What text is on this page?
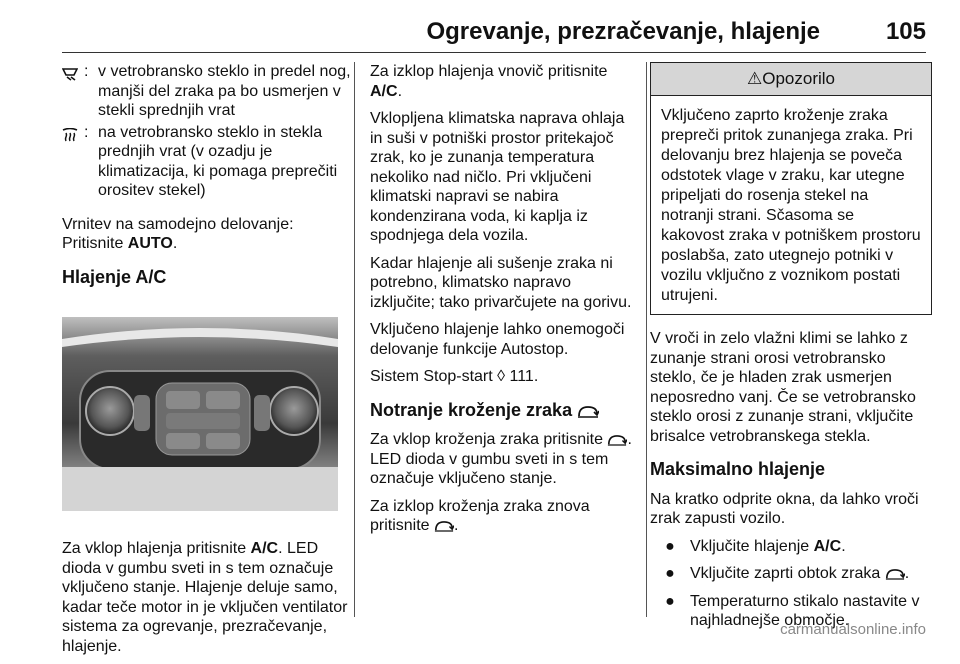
Ogrevanje, prezračevanje, hlajenje	105
: v vetrobransko steklo in predel nog, manjši del zraka pa bo usmerjen v stekli sprednjih vrat
: na vetrobransko steklo in stekla prednjih vrat (v ozadju je klimatizacija, ki pomaga preprečiti orositev stekel)

Vrnitev na samodejno delovanje: Pritisnite AUTO.

Hlajenje A/C

Za vklop hlajenja pritisnite A/C. LED dioda v gumbu sveti in s tem označuje vključeno stanje. Hlajenje deluje samo, kadar teče motor in je vključen ventilator sistema za ogrevanje, prezračevanje, hlajenje.

Za izklop hlajenja vnovič pritisnite A/C.

Vklopljena klimatska naprava ohlaja in suši v potniški prostor pritekajoč zrak, ko je zunanja temperatura nekoliko nad ničlo. Pri vključeni klimatski napravi se nabira kondenzirana voda, ki kaplja iz spodnjega dela vozila.

Kadar hlajenje ali sušenje zraka ni potrebno, klimatsko napravo izključite; tako privarčujete na gorivu.

Vključeno hlajenje lahko onemogoči delovanje funkcije Autostop.

Sistem Stop-start ◊ 111.

Notranje kroženje zraka

Za vklop kroženja zraka pritisnite . LED dioda v gumbu sveti in s tem označuje vključeno stanje.

Za izklop kroženja zraka znova pritisnite .

⚠Opozorilo
Vključeno zaprto kroženje zraka prepreči pritok zunanjega zraka. Pri delovanju brez hlajenja se poveča odstotek vlage v zraku, kar utegne pripeljati do rosenja stekel na notranji strani. Sčasoma se kakovost zraka v potniškem prostoru poslabša, zato utegnejo potniki v vozilu vključno z voznikom postati utrujeni.

V vroči in zelo vlažni klimi se lahko z zunanje strani orosi vetrobransko steklo, če je hladen zrak usmerjen neposredno vanj. Če se vetrobransko steklo orosi z zunanje strani, vključite brisalce vetrobranskega stekla.

Maksimalno hlajenje

Na kratko odprite okna, da lahko vroči zrak zapusti vozilo.

● Vključite hlajenje A/C.
● Vključite zaprti obtok zraka .
● Temperaturno stikalo nastavite v najhladnejše območje.
carmanualsonline.info
